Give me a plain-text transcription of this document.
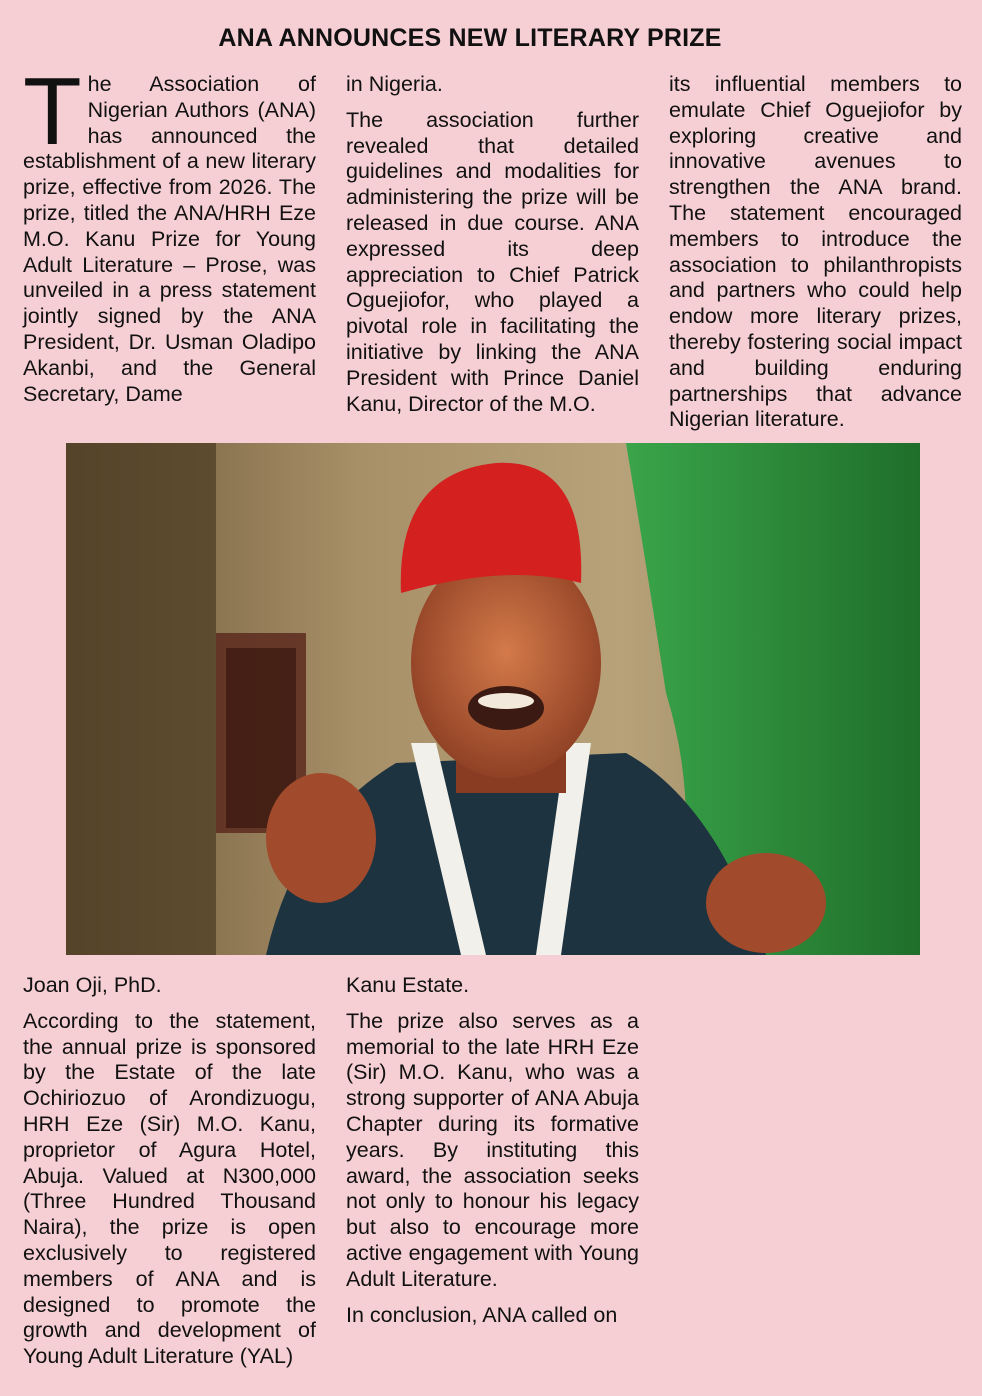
ANA ANNOUNCES NEW LITERARY PRIZE

The Association of Nigerian Authors (ANA) has announced the establishment of a new literary prize, effective from 2026. The prize, titled the ANA/HRH Eze M.O. Kanu Prize for Young Adult Literature – Prose, was unveiled in a press statement jointly signed by the ANA President, Dr. Usman Oladipo Akanbi, and the General Secretary, Dame

in Nigeria.

The association further revealed that detailed guidelines and modalities for administering the prize will be released in due course. ANA expressed its deep appreciation to Chief Patrick Oguejiofor, who played a pivotal role in facilitating the initiative by linking the ANA President with Prince Daniel Kanu, Director of the M.O.

its influential members to emulate Chief Oguejiofor by exploring creative and innovative avenues to strengthen the ANA brand. The statement encouraged members to introduce the association to philanthropists and partners who could help endow more literary prizes, thereby fostering social impact and building enduring partnerships that advance Nigerian literature.

Joan Oji, PhD.

According to the statement, the annual prize is sponsored by the Estate of the late Ochiriozuo of Arondizuogu, HRH Eze (Sir) M.O. Kanu, proprietor of Agura Hotel, Abuja. Valued at N300,000 (Three Hundred Thousand Naira), the prize is open exclusively to registered members of ANA and is designed to promote the growth and development of Young Adult Literature (YAL)

Kanu Estate.

The prize also serves as a memorial to the late HRH Eze (Sir) M.O. Kanu, who was a strong supporter of ANA Abuja Chapter during its formative years. By instituting this award, the association seeks not only to honour his legacy but also to encourage more active engagement with Young Adult Literature.

In conclusion, ANA called on
